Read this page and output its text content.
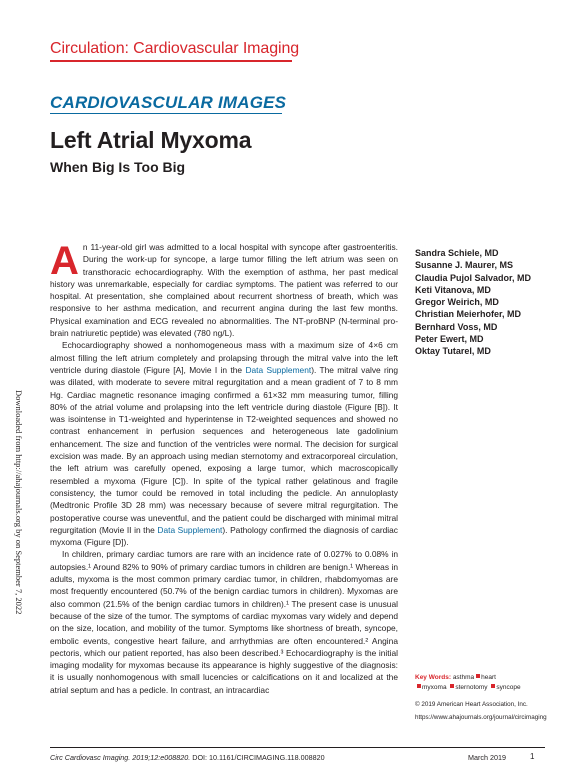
Circulation: Cardiovascular Imaging
CARDIOVASCULAR IMAGES
Left Atrial Myxoma
When Big Is Too Big
Downloaded from http://ahajournals.org by on September 7, 2022

An 11-year-old girl was admitted to a local hospital with syncope after gastroenteritis. During the work-up for syncope, a large tumor filling the left atrium was seen on transthoracic echocardiography. With the exemption of asthma, her past medical history was unremarkable, especially for cardiac symptoms. The patient was referred to our hospital. At presentation, she complained about recurrent shortness of breath, which was responsive to her asthma medication, and recurrent angina during the last few months. Physical examination and ECG revealed no abnormalities. The NT-proBNP (N-terminal pro-brain natriuretic peptide) was elevated (780 ng/L).

Echocardiography showed a nonhomogeneous mass with a maximum size of 4×6 cm almost filling the left atrium completely and prolapsing through the mitral valve into the left ventricle during diastole (Figure [A], Movie I in the Data Supplement). The mitral valve ring was dilated, with moderate to severe mitral regurgitation and a mean gradient of 7 to 8 mm Hg. Cardiac magnetic resonance imaging confirmed a 61×32 mm measuring tumor, filling 80% of the atrial volume and prolapsing into the left ventricle during diastole (Figure [B]). It was isointense in T1-weighted and hyperintense in T2-weighted sequences and showed no contrast enhancement in perfusion sequences and heterogeneous late gadolinium enhancement. The size and function of the ventricles were normal. The decision for surgical excision was made. By an approach using median sternotomy and extracorporeal circulation, the left atrium was carefully opened, exposing a large tumor, which macroscopically resembled a myxoma (Figure [C]). In spite of the typical rather gelatinous and fragile consistency, the tumor could be removed in total including the pedicle. An annuloplasty (Medtronic Profile 3D 28 mm) was necessary because of severe mitral regurgitation. The postoperative course was uneventful, and the patient could be discharged with minimal mitral regurgitation (Movie II in the Data Supplement). Pathology confirmed the diagnosis of cardiac myxoma (Figure [D]).

In children, primary cardiac tumors are rare with an incidence rate of 0.027% to 0.08% in autopsies.¹ Around 82% to 90% of primary cardiac tumors in children are benign.¹ Whereas in adults, myxoma is the most common primary cardiac tumor, in children, rhabdomyomas are most frequently encountered (50.7% of the benign cardiac tumors in children). Myxomas are also common (21.5% of the benign cardiac tumors in children).¹ The present case is unusual because of the size of the tumor. The symptoms of cardiac myxomas vary widely and depend on the size, location, and mobility of the tumor. Symptoms like shortness of breath, syncope, embolic events, congestive heart failure, and arrhythmias are often encountered.² Angina pectoris, which our patient reported, has also been described.³ Echocardiography is the initial imaging modality for myxomas because its appearance is highly suggestive of the diagnosis: it is usually nonhomogenous with small lucencies or calcifications on it and localized at the atrial septum and has a pedicle. In contrast, an intracardiac

Sandra Schiele, MD
Susanne J. Maurer, MS
Claudia Pujol Salvador, MD
Keti Vitanova, MD
Gregor Weirich, MD
Christian Meierhofer, MD
Bernhard Voss, MD
Peter Ewert, MD
Oktay Tutarel, MD
Key Words: asthma heart
myxoma sternotomy syncope
© 2019 American Heart Association, Inc.
https://www.ahajournals.org/journal/circimaging
Circ Cardiovasc Imaging. 2019;12:e008820. DOI: 10.1161/CIRCIMAGING.118.008820	March 2019	1
